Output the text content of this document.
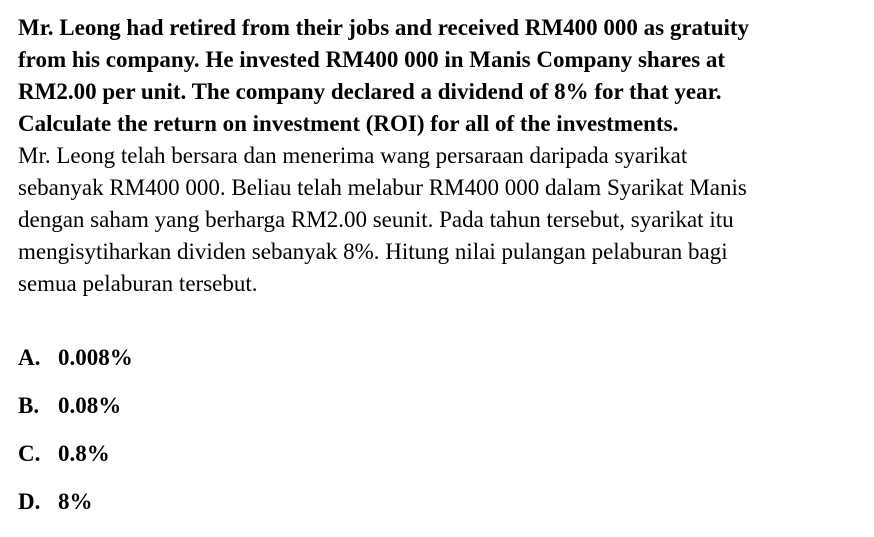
Mr. Leong had retired from their jobs and received RM400 000 as gratuity
from his company. He invested RM400 000 in Manis Company shares at
RM2.00 per unit. The company declared a dividend of 8% for that year.
Calculate the return on investment (ROI) for all of the investments.
Mr. Leong telah bersara dan menerima wang persaraan daripada syarikat
sebanyak RM400 000. Beliau telah melabur RM400 000 dalam Syarikat Manis
dengan saham yang berharga RM2.00 seunit. Pada tahun tersebut, syarikat itu
mengisytiharkan dividen sebanyak 8%. Hitung nilai pulangan pelaburan bagi
semua pelaburan tersebut.
A. 0.008%
B. 0.08%
C. 0.8%
D. 8%
